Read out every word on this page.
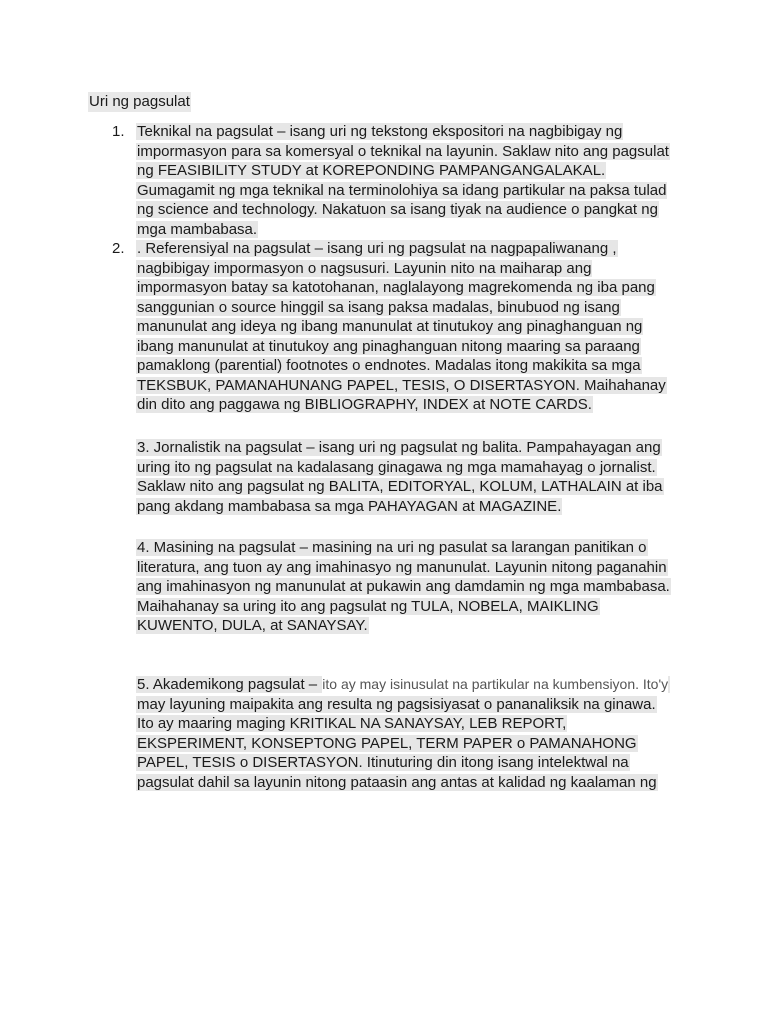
Uri ng pagsulat
1. Teknikal na pagsulat – isang uri ng tekstong ekspositori na nagbibigay ng impormasyon para sa komersyal o teknikal na layunin. Saklaw nito ang pagsulat ng FEASIBILITY STUDY at KOREPONDING PAMPANGANGALAKAL. Gumagamit ng mga teknikal na terminolohiya sa idang partikular na paksa tulad ng science and technology. Nakatuon sa isang tiyak na audience o pangkat ng mga mambabasa.
2. . Referensiyal na pagsulat – isang uri ng pagsulat na nagpapaliwanang , nagbibigay impormasyon o nagsusuri. Layunin nito na maiharap ang impormasyon batay sa katotohanan, naglalayong magrekomenda ng iba pang sanggunian o source hinggil sa isang paksa madalas, binubuod ng isang manunulat ang ideya ng ibang manunulat at tinutukoy ang pinaghanguan ng ibang manunulat at tinutukoy ang pinaghanguan nitong maaring sa paraang pamaklong (parential) footnotes o endnotes. Madalas itong makikita sa mga TEKSBUK, PAMANAHUNANG PAPEL, TESIS, O DISERTASYON. Maihahanay din dito ang paggawa ng BIBLIOGRAPHY, INDEX at NOTE CARDS.
3. Jornalistik na pagsulat – isang uri ng pagsulat ng balita. Pampahayagan ang uring ito ng pagsulat na kadalasang ginagawa ng mga mamahayag o jornalist. Saklaw nito ang pagsulat ng BALITA, EDITORYAL, KOLUM, LATHALAIN at iba pang akdang mambabasa sa mga PAHAYAGAN at MAGAZINE.
4. Masining na pagsulat – masining na uri ng pasulat sa larangan panitikan o literatura, ang tuon ay ang imahinasyo ng manunulat. Layunin nitong paganahin ang imahinasyon ng manunulat at pukawin ang damdamin ng mga mambabasa. Maihahanay sa uring ito ang pagsulat ng TULA, NOBELA, MAIKLING KUWENTO, DULA, at SANAYSAY.
5. Akademikong pagsulat – ito ay may isinusulat na partikular na kumbensiyon. Ito'y may layuning maipakita ang resulta ng pagsisiyasat o pananaliksik na ginawa. Ito ay maaring maging KRITIKAL NA SANAYSAY, LEB REPORT, EKSPERIMENT, KONSEPTONG PAPEL, TERM PAPER o PAMANAHONG PAPEL, TESIS o DISERTASYON. Itinuturing din itong isang intelektwal na pagsulat dahil sa layunin nitong pataasin ang antas at kalidad ng kaalaman ng
